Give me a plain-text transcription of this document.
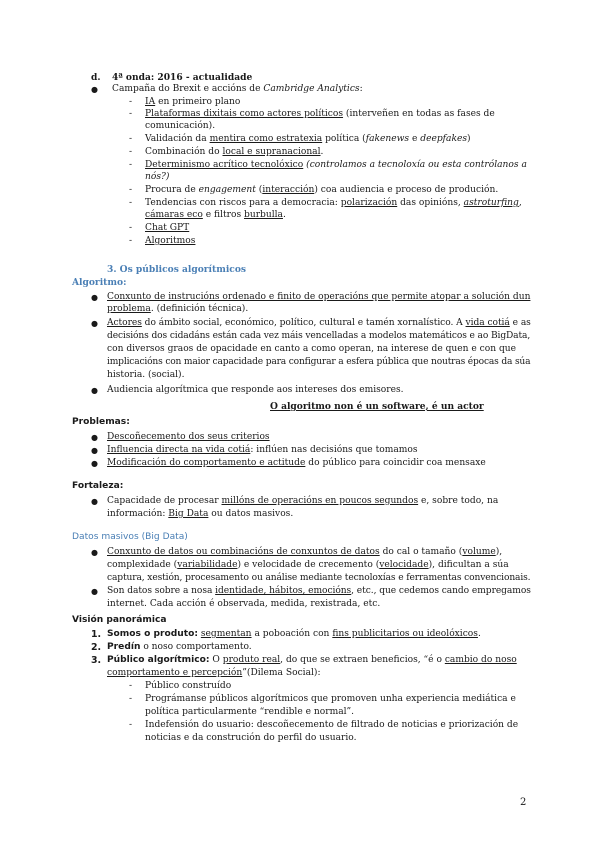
d. 4ª onda: 2016 - actualidade
● Campaña do Brexit e accións de Cambridge Analytics:
- IA en primeiro plano
- Plataformas dixitais como actores políticos (interveñen en todas as fases de
comunicación).
- Validación da mentira como estratexia política (fakenews e deepfakes)
- Combinación do local e supranacional.
- Determinismo acrítico tecnolóxico (controlamos a tecnoloxía ou esta contrólanos a
nós?)
- Procura de engagement (interacción) coa audiencia e proceso de produción.
- Tendencias con riscos para a democracia: polarización das opinións, astroturfing,
cámaras eco e filtros burbulla.
- Chat GPT
- Algoritmos
3. Os públicos algorítmicos
Algoritmo:
● Conxunto de instrucións ordenado e finito de operacións que permite atopar a solución dun
problema. (definición técnica).
● Actores do ámbito social, económico, político, cultural e tamén xornalístico. A vida cotiá e as
decisións dos cidadáns están cada vez máis vencelladas a modelos matemáticos e ao BigData,
con diversos graos de opacidade en canto a como operan, na interese de quen e con que
implicacións con maior capacidade para configurar a esfera pública que noutras épocas da súa
historia. (social).
● Audiencia algorítmica que responde aos intereses dos emisores.
O algoritmo non é un software, é un actor
Problemas:
● Descoñecemento dos seus criterios
● Influencia directa na vida cotiá: inflúen nas decisións que tomamos
● Modificación do comportamento e actitude do público para coincidir coa mensaxe
Fortaleza:
● Capacidade de procesar millóns de operacións en poucos segundos e, sobre todo, na
información: Big Data ou datos masivos.
Datos masivos (Big Data)
● Conxunto de datos ou combinacións de conxuntos de datos do cal o tamaño (volume),
complexidade (variabilidade) e velocidade de crecemento (velocidade), dificultan a súa
captura, xestión, procesamento ou análise mediante tecnoloxías e ferramentas convencionais.
● Son datos sobre a nosa identidade, hábitos, emocións, etc., que cedemos cando empregamos
internet. Cada acción é observada, medida, rexistrada, etc.
Visión panorámica
1. Somos o produto: segmentan a poboación con fins publicitarios ou ideolóxicos.
2. Predín o noso comportamento.
3. Público algorítmico: O produto real, do que se extraen beneficios, “é o cambio do noso
comportamento e percepción”(Dilema Social):
- Público construído
- Prográmanse públicos algorítmicos que promoven unha experiencia mediática e
política particularmente “rendible e normal”.
- Indefensión do usuario: descoñecemento de filtrado de noticias e priorización de
noticias e da construción do perfil do usuario.
2
